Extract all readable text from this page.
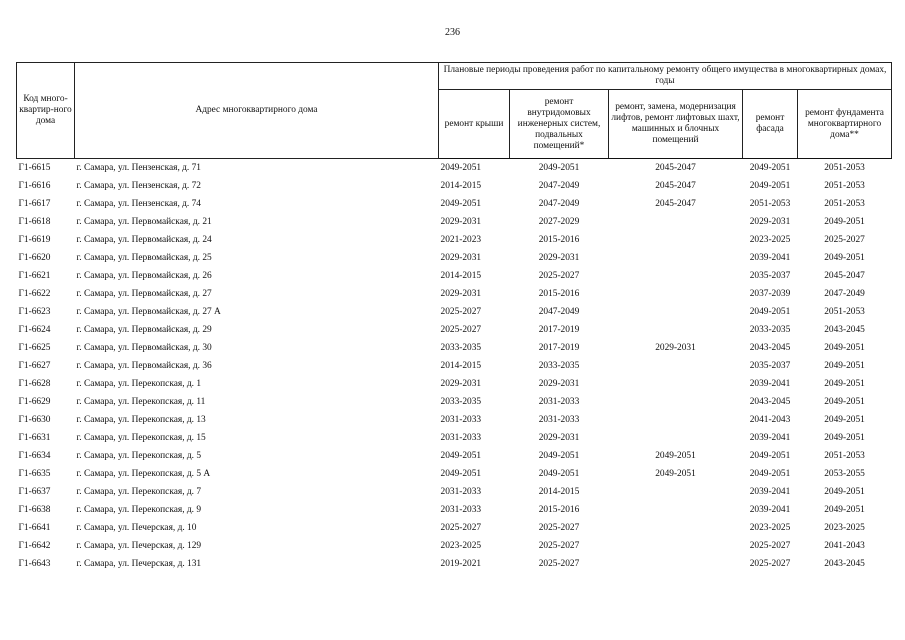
236
Код много-квартир-ного дома	Адрес многоквартирного дома	Плановые периоды проведения работ по капитальному ремонту общего имущества в многоквартирных домах, годы				
		ремонт крыши	ремонт внутридомовых инженерных систем, подвальных помещений*	ремонт, замена, модернизация лифтов, ремонт лифтовых шахт, машинных и блочных помещений	ремонт фасада	ремонт фундамента многоквартирного дома**
Г1-6615	г. Самара, ул. Пензенская, д. 71	2049-2051	2049-2051	2045-2047	2049-2051	2051-2053
Г1-6616	г. Самара, ул. Пензенская, д. 72	2014-2015	2047-2049	2045-2047	2049-2051	2051-2053
Г1-6617	г. Самара, ул. Пензенская, д. 74	2049-2051	2047-2049	2045-2047	2051-2053	2051-2053
Г1-6618	г. Самара, ул. Первомайская, д. 21	2029-2031	2027-2029		2029-2031	2049-2051
Г1-6619	г. Самара, ул. Первомайская, д. 24	2021-2023	2015-2016		2023-2025	2025-2027
Г1-6620	г. Самара, ул. Первомайская, д. 25	2029-2031	2029-2031		2039-2041	2049-2051
Г1-6621	г. Самара, ул. Первомайская, д. 26	2014-2015	2025-2027		2035-2037	2045-2047
Г1-6622	г. Самара, ул. Первомайская, д. 27	2029-2031	2015-2016		2037-2039	2047-2049
Г1-6623	г. Самара, ул. Первомайская, д. 27 А	2025-2027	2047-2049		2049-2051	2051-2053
Г1-6624	г. Самара, ул. Первомайская, д. 29	2025-2027	2017-2019		2033-2035	2043-2045
Г1-6625	г. Самара, ул. Первомайская, д. 30	2033-2035	2017-2019	2029-2031	2043-2045	2049-2051
Г1-6627	г. Самара, ул. Первомайская, д. 36	2014-2015	2033-2035		2035-2037	2049-2051
Г1-6628	г. Самара, ул. Перекопская, д. 1	2029-2031	2029-2031		2039-2041	2049-2051
Г1-6629	г. Самара, ул. Перекопская, д. 11	2033-2035	2031-2033		2043-2045	2049-2051
Г1-6630	г. Самара, ул. Перекопская, д. 13	2031-2033	2031-2033		2041-2043	2049-2051
Г1-6631	г. Самара, ул. Перекопская, д. 15	2031-2033	2029-2031		2039-2041	2049-2051
Г1-6634	г. Самара, ул. Перекопская, д. 5	2049-2051	2049-2051	2049-2051	2049-2051	2051-2053
Г1-6635	г. Самара, ул. Перекопская, д. 5 А	2049-2051	2049-2051	2049-2051	2049-2051	2053-2055
Г1-6637	г. Самара, ул. Перекопская, д. 7	2031-2033	2014-2015		2039-2041	2049-2051
Г1-6638	г. Самара, ул. Перекопская, д. 9	2031-2033	2015-2016		2039-2041	2049-2051
Г1-6641	г. Самара, ул. Печерская, д. 10	2025-2027	2025-2027		2023-2025	2023-2025
Г1-6642	г. Самара, ул. Печерская, д. 129	2023-2025	2025-2027		2025-2027	2041-2043
Г1-6643	г. Самара, ул. Печерская, д. 131	2019-2021	2025-2027		2025-2027	2043-2045
